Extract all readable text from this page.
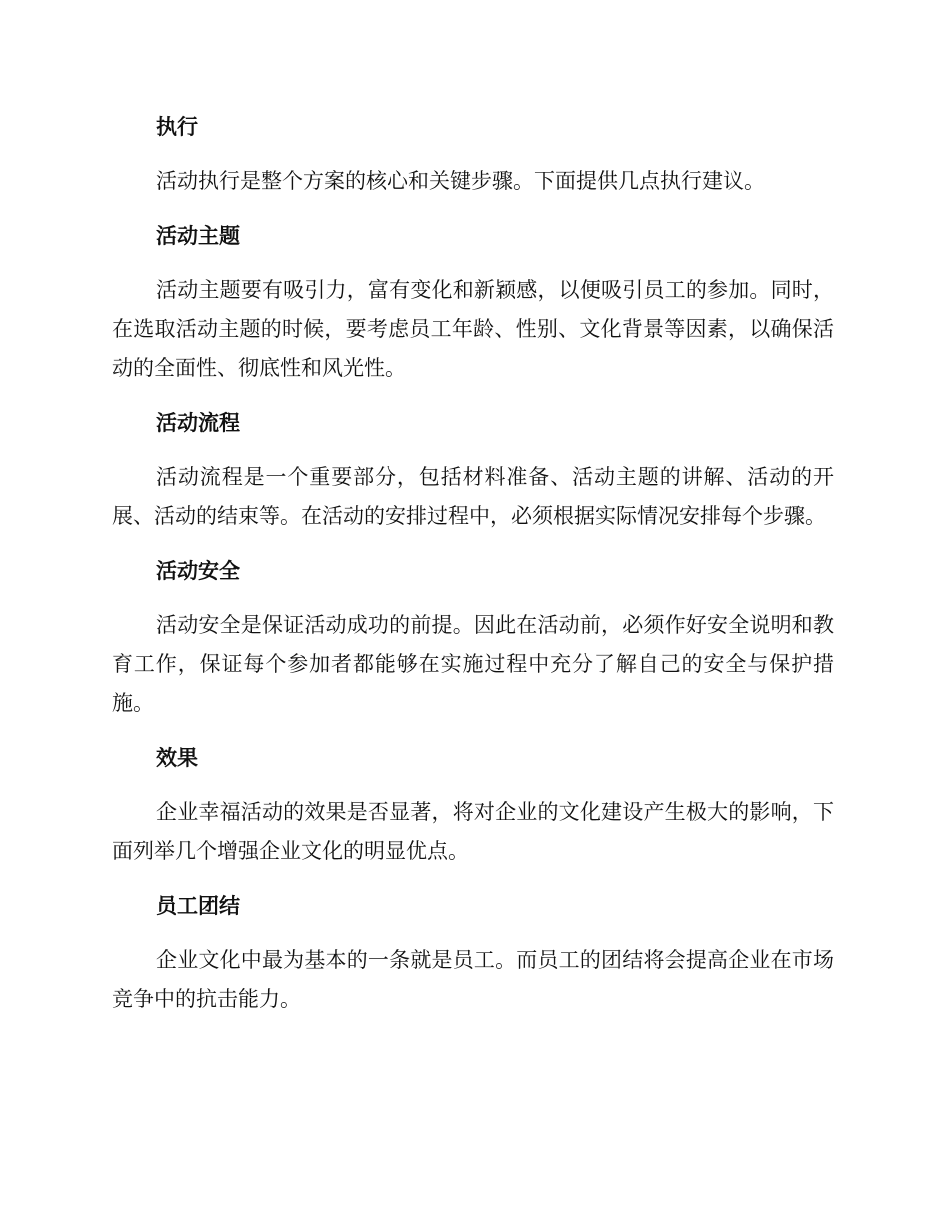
执行

活动执行是整个方案的核心和关键步骤。下面提供几点执行建议。

活动主题

活动主题要有吸引力，富有变化和新颖感，以便吸引员工的参加。同时，在选取活动主题的时候，要考虑员工年龄、性别、文化背景等因素，以确保活动的全面性、彻底性和风光性。

活动流程

活动流程是一个重要部分，包括材料准备、活动主题的讲解、活动的开展、活动的结束等。在活动的安排过程中，必须根据实际情况安排每个步骤。

活动安全

活动安全是保证活动成功的前提。因此在活动前，必须作好安全说明和教育工作，保证每个参加者都能够在实施过程中充分了解自己的安全与保护措施。

效果

企业幸福活动的效果是否显著，将对企业的文化建设产生极大的影响，下面列举几个增强企业文化的明显优点。

员工团结

企业文化中最为基本的一条就是员工。而员工的团结将会提高企业在市场竞争中的抗击能力。
